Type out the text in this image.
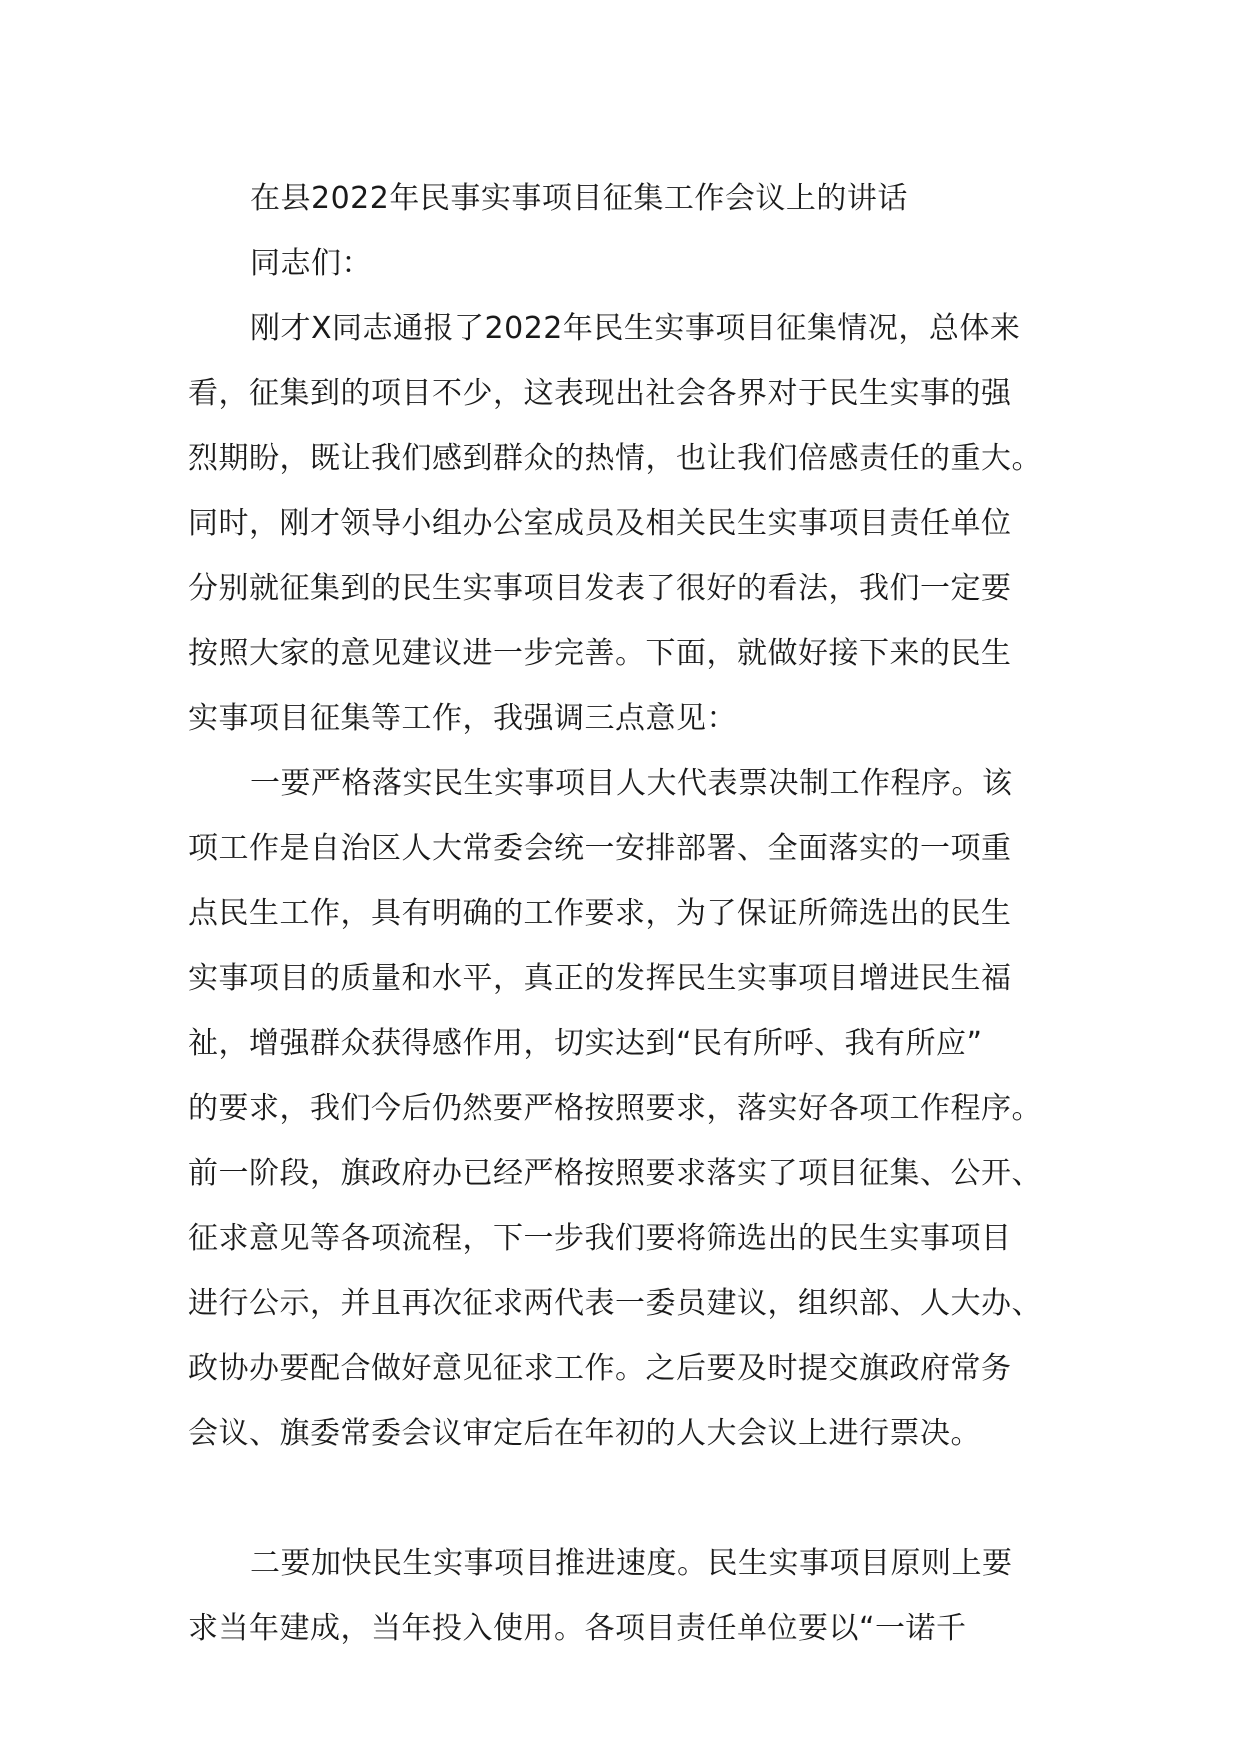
在县2022年民事实事项目征集工作会议上的讲话
同志们：
刚才X同志通报了2022年民生实事项目征集情况，总体来
看，征集到的项目不少，这表现出社会各界对于民生实事的强
烈期盼，既让我们感到群众的热情，也让我们倍感责任的重大。
同时，刚才领导小组办公室成员及相关民生实事项目责任单位
分别就征集到的民生实事项目发表了很好的看法，我们一定要
按照大家的意见建议进一步完善。下面，就做好接下来的民生
实事项目征集等工作，我强调三点意见：
一要严格落实民生实事项目人大代表票决制工作程序。该
项工作是自治区人大常委会统一安排部署、全面落实的一项重
点民生工作，具有明确的工作要求，为了保证所筛选出的民生
实事项目的质量和水平，真正的发挥民生实事项目增进民生福
祉，增强群众获得感作用，切实达到“民有所呼、我有所应”
的要求，我们今后仍然要严格按照要求，落实好各项工作程序。
前一阶段，旗政府办已经严格按照要求落实了项目征集、公开、
征求意见等各项流程，下一步我们要将筛选出的民生实事项目
进行公示，并且再次征求两代表一委员建议，组织部、人大办、
政协办要配合做好意见征求工作。之后要及时提交旗政府常务
会议、旗委常委会议审定后在年初的人大会议上进行票决。
二要加快民生实事项目推进速度。民生实事项目原则上要
求当年建成，当年投入使用。各项目责任单位要以“一诺千
